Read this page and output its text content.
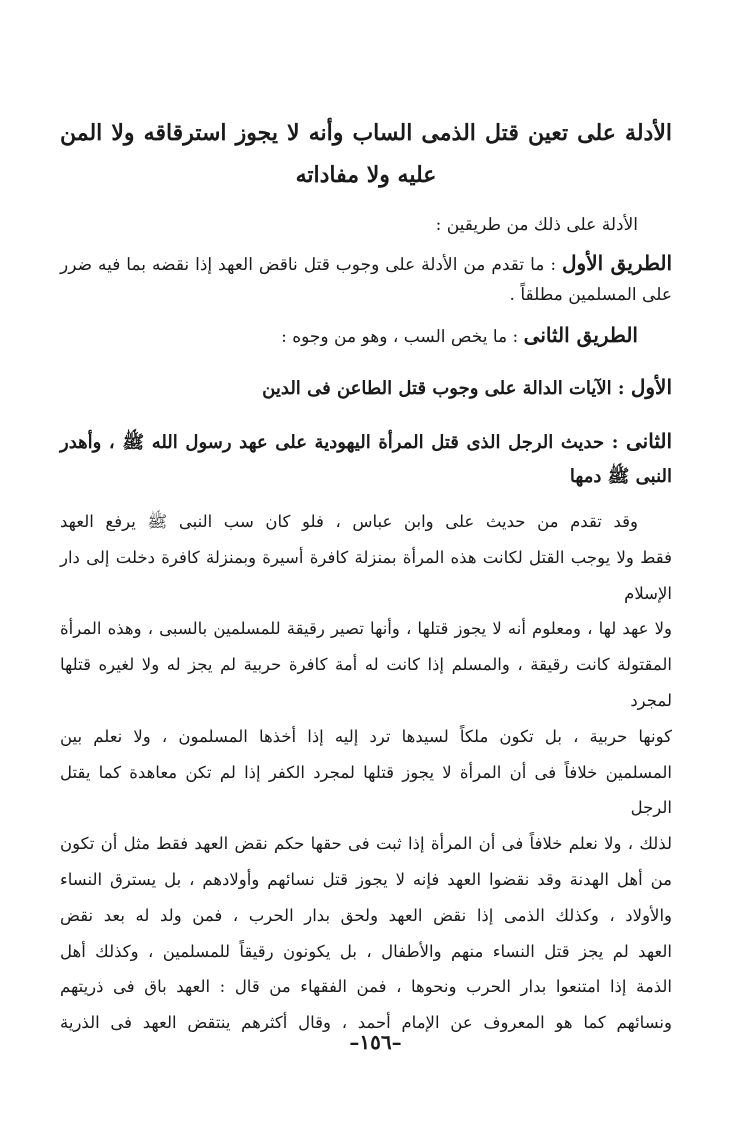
الأدلة على تعين قتل الذمى الساب وأنه لا يجوز استرقاقه ولا المن عليه ولا مفاداته

الأدلة على ذلك من طريقين :

الطريق الأول : ما تقدم من الأدلة على وجوب قتل ناقض العهد إذا نقضه بما فيه ضرر على المسلمين مطلقاً .

الطريق الثانى : ما يخص السب ، وهو من وجوه :

الأول : الآيات الدالة على وجوب قتل الطاعن فى الدين

الثانى : حديث الرجل الذى قتل المرأة اليهودية على عهد رسول الله ﷺ ، وأهدر النبى ﷺ دمها

وقد تقدم من حديث على وابن عباس ، فلو كان سب النبى ﷺ يرفع العهد
فقط ولا يوجب القتل لكانت هذه المرأة بمنزلة كافرة أسيرة وبمنزلة كافرة دخلت إلى دار الإسلام
ولا عهد لها ، ومعلوم أنه لا يجوز قتلها ، وأنها تصير رقيقة للمسلمين بالسبى ، وهذه المرأة
المقتولة كانت رقيقة ، والمسلم إذا كانت له أمة كافرة حربية لم يجز له ولا لغيره قتلها لمجرد
كونها حربية ، بل تكون ملكاً لسيدها ترد إليه إذا أخذها المسلمون ، ولا نعلم بين
المسلمين خلافاً فى أن المرأة لا يجوز قتلها لمجرد الكفر إذا لم تكن معاهدة كما يقتل الرجل
لذلك ، ولا نعلم خلافاً فى أن المرأة إذا ثبت فى حقها حكم نقض العهد فقط مثل أن تكون
من أهل الهدنة وقد نقضوا العهد فإنه لا يجوز قتل نسائهم وأولادهم ، بل يسترق النساء
والأولاد ، وكذلك الذمى إذا نقض العهد ولحق بدار الحرب ، فمن ولد له بعد نقض
العهد لم يجز قتل النساء منهم والأطفال ، بل يكونون رقيقاً للمسلمين ، وكذلك أهل
الذمة إذا امتنعوا بدار الحرب ونحوها ، فمن الفقهاء من قال : العهد باق فى ذريتهم
ونسائهم كما هو المعروف عن الإمام أحمد ، وقال أكثرهم ينتقض العهد فى الذرية
–١٥٦–
